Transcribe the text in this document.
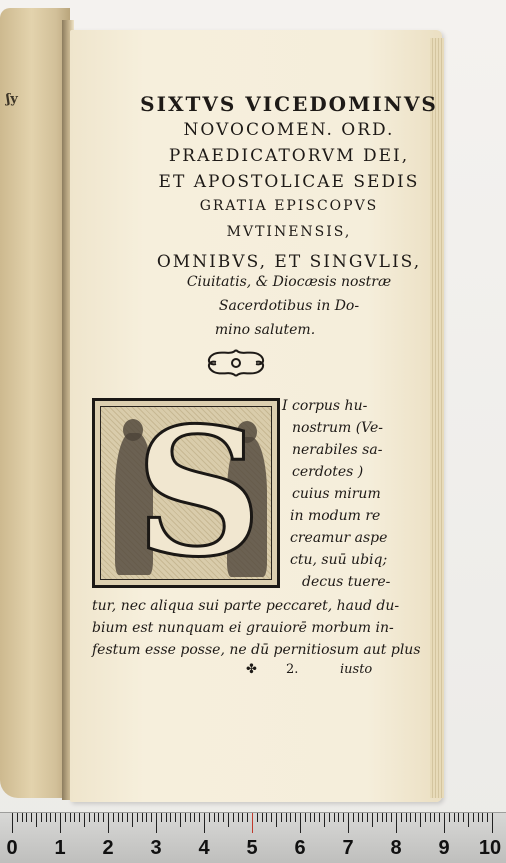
ʃy	SIXTVS VICEDOMINVS
NOVOCOMEN. ORD.
PRAEDICATORVM DEI,
ET APOSTOLICAE SEDIS
GRATIA EPISCOPVS
MVTINENSIS,
OMNIBVS, ET SINGVLIS,
Ciuitatis, & Diocæsis nostræ
Sacerdotibus in Do-
mino salutem.
S I corpus hu-
nostrum (Ve-
nerabiles sa-
cerdotes )
cuius mirum
in modum re
creamur aspe
ctu, suū ubiq;
decus tuere-
tur, nec aliqua sui parte peccaret, haud du-
bium est nunquam ei grauiorē morbum in-
festum esse posse, ne dū pernitiosum aut plus
✤ 2.	iusto
0 1 2 3 4 5 6 7 8 9 10
